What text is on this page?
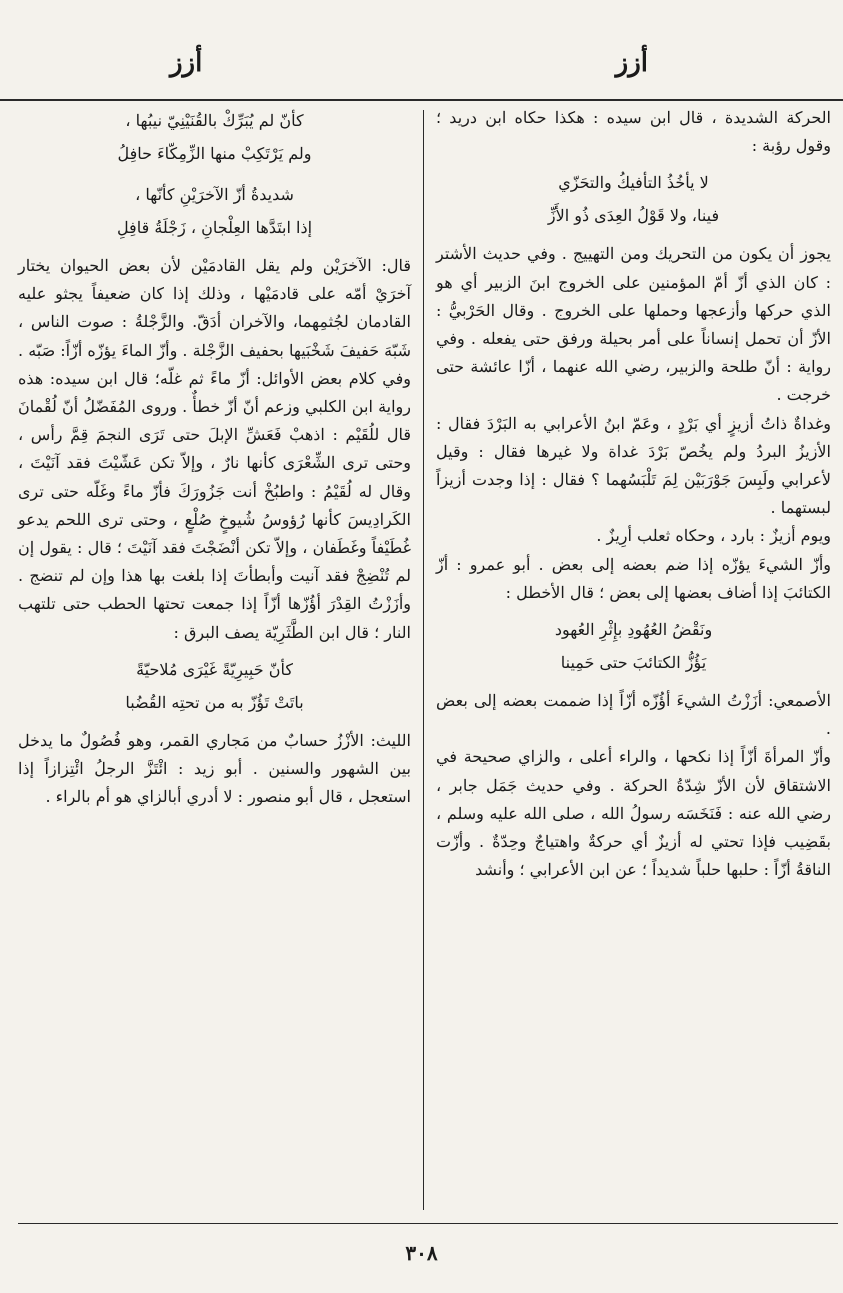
أزز
أزز

الحركة الشديدة ، قال ابن سيده : هكذا حكاه ابن دريد ؛ وقول رؤبة :

لا يأخُذُ التأفيكُ والتحَزّي

فينا، ولا قَوْلُ العِدَى ذُو الأَزِّ

يجوز أن يكون من التحريك ومن التهييج . وفي حديث الأشتر : كان الذي أزّ أمّ المؤمنين على الخروج ابنَ الزبير أي هو الذي حركها وأزعجها وحملها على الخروج . وقال الحَرْبيُّ : الأزّ أن تحمل إنساناً على أمر بحيلة ورفق حتى يفعله . وفي رواية : أنّ طلحة والزبير، رضي الله عنهما ، أزّا عائشة حتى خرجت .

وغداةٌ ذاتُ أزيزٍ أي بَرْدٍ ، وعَمّ ابنُ الأعرابي به البَرْدَ فقال : الأزيزُ البردُ ولم يخُصّ بَرْدَ غداة ولا غيرها فقال : وقيل لأعرابي ولَبِسَ جَوْرَبَيْن لِمَ تَلْبَسُهما ؟ فقال : إذا وجدت أزيزاً لبستهما .

ويوم أزيزٌ : بارد ، وحكاه ثعلب أرِيزٌ .

وأزّ الشيءَ يؤزّه إذا ضم بعضه إلى بعض . أبو عمرو : أزّ الكتائبَ إذا أضاف بعضها إلى بعض ؛ قال الأخطل :

ونَقْضُ العُهُودِ بإِثْرِ العُهود

يَؤُزُّ الكتائبَ حتى حَمِينا

الأصمعي: أزَزْتُ الشيءَ أؤُزّه أزّاً إذا ضممت بعضه إلى بعض .

وأزّ المرأةَ أزّاً إذا نكحها ، والراء أعلى ، والزاي صحيحة في الاشتقاق لأن الأزّ شِدّةُ الحركة . وفي حديث جَمَل جابر ، رضي الله عنه : فَنَخَسَه رسولُ الله ، صلى الله عليه وسلم ، بقَضِيب فإذا تحتي له أزيزٌ أي حركةٌ واهتياجٌ وحِدّةٌ . وأزّت الناقةُ أزّاً : حلبها حلباً شديداً ؛ عن ابن الأعرابي ؛ وأنشد

كأنّ لم يُبَرِّكْ بالقُنَيْنِيّ نيبُها ،

ولم يَرْتَكِبْ منها الزِّمِكّاءَ حافِلُ

شديدةُ أزّ الآخرَيْنِ كأنّها ،

إذا ابتَدَّها العِلْجانِ ، زَجْلَةُ قافِلِ

قال: الآخرَيْن ولم يقل القادمَيْن لأن بعض الحيوان يختار آخرَيْ أمّه على قادمَيْها ، وذلك إذا كان ضعيفاً يجثو عليه القادمان لجُثمِهما، والآخران أدَقّ. والزَّجْلةُ : صوت الناس ، شَبّهَ حَفيفَ شَخْبَيها بحفيف الزَّجْلة . وأزّ الماءَ يؤزّه أزّاً: صَبّه . وفي كلام بعض الأوائل: أزّ ماءً ثم غلّه؛ قال ابن سيده: هذه رواية ابن الكلبي وزعم أنّ أزّ خطأٌ . وروى المُفَضّلُ أنّ لُقْمانَ قال للُقَيْم : اذهبْ فَعَشِّ الإبلَ حتى تَرَى النجمَ قِمَّ رأس ، وحتى ترى الشِّعْرَى كأنها نارٌ ، وإلاّ تكن عَشّيْتَ فقد آنَيْتَ ، وقال له لُقَيْمُ : واطبُخْ أنت جَزُورَكَ فأزّ ماءً وغَلّه حتى ترى الكَرادِيسَ كأنها رُؤوسُ شُيوخٍ صُلْعٍ ، وحتى ترى اللحم يدعو غُطَيْفاً وغَطَفان ، وإلاّ تكن أنْضَجْتَ فقد آنَيْتَ ؛ قال : يقول إن لم تُنْضِجْ فقد آنيت وأبطأتَ إذا بلغت بها هذا وإن لم تنضج . وأزَزْتُ القِدْرَ أؤُزّها أزّاً إذا جمعت تحتها الحطب حتى تلتهب النار ؛ قال ابن الطَّثَرِيّة يصف البرق :

كأنّ حَبِيرِيّةً غَيْرَى مُلاحيّةً

باتَتْ تَؤُزّ به من تحتِه القُضُبا

الليث: الأزْزُ حسابٌ من مَجاري القمر، وهو فُصُولٌ ما يدخل بين الشهور والسنين . أبو زيد : ائْتَزَّ الرجلُ ائْتِزازاً إذا استعجل ، قال أبو منصور : لا أدري أبالزاي هو أم بالراء .

٣٠٨
